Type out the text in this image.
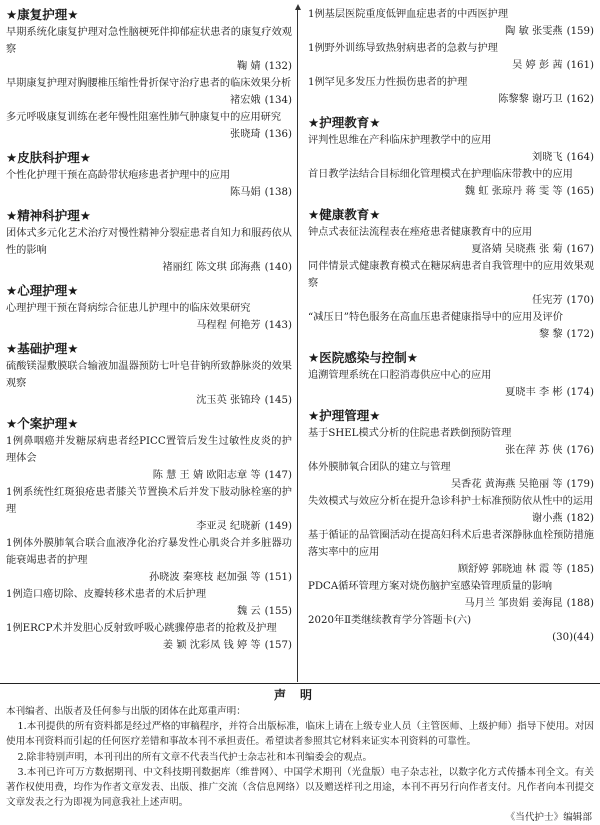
★康复护理★
早期系统化康复护理对急性脑梗死伴抑郁症状患者的康复疗效观察
鞠 婧 (132)
早期康复护理对胸腰椎压缩性骨折保守治疗患者的临床效果分析
褚宏娥 (134)
多元呼吸康复训练在老年慢性阻塞性肺气肿康复中的应用研究
张晓琦 (136)
★皮肤科护理★
个性化护理干预在高龄带状疱疹患者护理中的应用
陈马娟 (138)
★精神科护理★
团体式多元化艺术治疗对慢性精神分裂症患者自知力和服药依从性的影响
褚丽红 陈文琪 邱海燕 (140)
★心理护理★
心理护理干预在肾病综合征患儿护理中的临床效果研究
马程程 何艳芳 (143)
★基础护理★
硫酸镁湿敷膜联合输液加温器预防七叶皂苷钠所致静脉炎的效果观察
沈玉英 张锦玲 (145)
★个案护理★
1例鼻咽癌并发糖尿病患者经PICC置管后发生过敏性皮炎的护理体会
陈 慧 王 婧 欧阳志章 等 (147)
1例系统性红斑狼疮患者膝关节置换术后并发下肢动脉栓塞的护理
李亚灵 纪晓新 (149)
1例体外膜肺氧合联合血液净化治疗暴发性心肌炎合并多脏器功能衰竭患者的护理
孙晓波 秦寒枝 赵加强 等 (151)
1例造口癌切除、皮瓣转移术患者的术后护理
魏 云 (155)
1例ERCP术并发胆心反射致呼吸心跳骤停患者的抢救及护理
姜 颖 沈彩凤 钱 婷 等 (157)
1例基层医院重度低钾血症患者的中西医护理
陶 敏 张雯燕 (159)
1例野外训练导致热射病患者的急救与护理
吴 婷 彭 茜 (161)
1例罕见多发压力性损伤患者的护理
陈黎黎 谢巧卫 (162)
★护理教育★
评判性思维在产科临床护理教学中的应用
刘晓飞 (164)
首日教学法结合目标细化管理模式在护理临床带教中的应用
魏 虹 张琼丹 蒋 雯 等 (165)
★健康教育★
钟点式表征法流程表在痤疮患者健康教育中的应用
夏洛婧 吴晓燕 张 菊 (167)
同伴情景式健康教育模式在糖尿病患者自我管理中的应用效果观察
任宪芳 (170)
“减压日”特色服务在高血压患者健康指导中的应用及评价
黎 黎 (172)
★医院感染与控制★
追溯管理系统在口腔消毒供应中心的应用
夏晓丰 李 彬 (174)
★护理管理★
基于SHEL模式分析的住院患者跌倒预防管理
张在萍 苏 侠 (176)
体外膜肺氧合团队的建立与管理
吴香花 黄海燕 吴艳丽 等 (179)
失效模式与效应分析在提升急诊科护士标准预防依从性中的运用
谢小燕 (182)
基于循证的品管圈活动在提高妇科术后患者深静脉血栓预防措施落实率中的应用
顾舒婷 郭晓迪 林 霞 等 (185)
PDCA循环管理方案对烧伤脑护室感染管理质量的影响
马月兰 邹贵娟 姜海昆 (188)
2020年Ⅱ类继续教育学分答题卡(六)
(30)(44)
声明
本刊编者、出版者及任何参与出版的团体在此郑重声明：
1.本刊提供的所有资料都是经过严格的审稿程序，并符合出版标准，临床上请在上级专业人员（主管医师、上级护师）指导下使用。对因使用本刊资料而引起的任何医疗差错和事故本刊不承担责任。希望读者参照其它材料来证实本刊资料的可靠性。
2.除非特别声明，本刊刊出的所有文章不代表当代护士杂志社和本刊编委会的观点。
3.本刊已许可万方数据期刊、中文科技期刊数据库（维普网）、中国学术期刊（光盘版）电子杂志社，以数字化方式传播本刊全文。有关著作权使用费，均作为作者文章发表、出版、推广交流（含信息网络）以及赠送样刊之用途，本刊不再另行向作者支付。凡作者向本刊提交文章发表之行为即视为同意我社上述声明。
《当代护士》编辑部
